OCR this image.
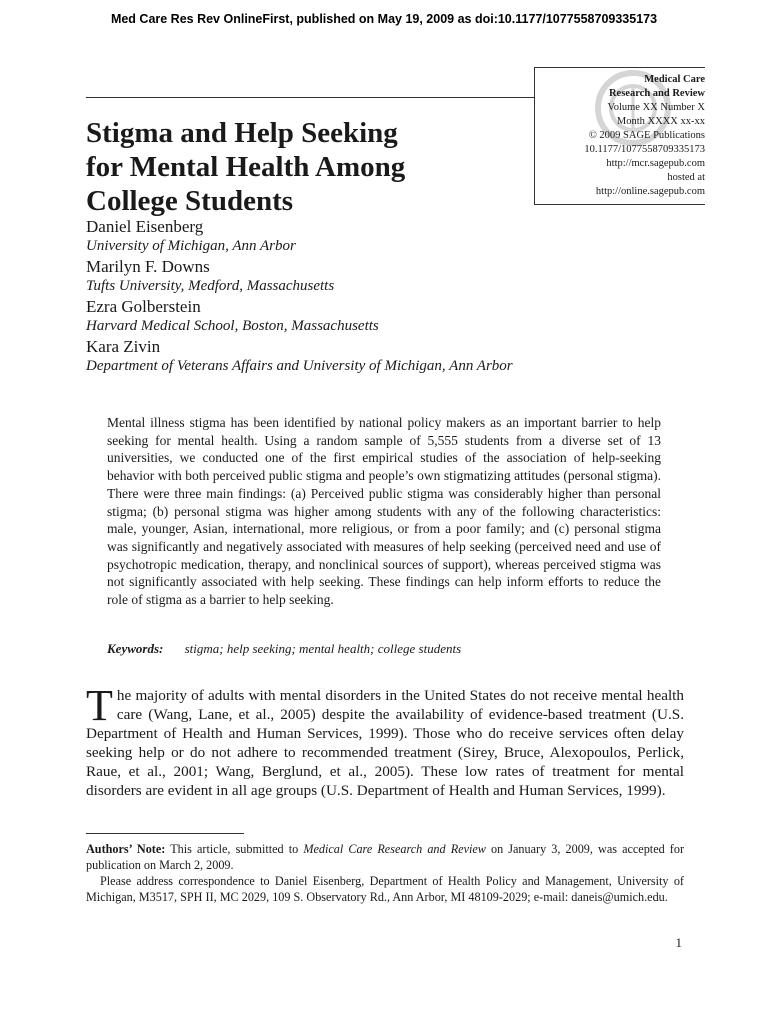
Med Care Res Rev OnlineFirst, published on May 19, 2009 as doi:10.1177/1077558709335173
Medical Care
Research and Review
Volume XX Number X
Month XXXX xx-xx
© 2009 SAGE Publications
10.1177/1077558709335173
http://mcr.sagepub.com
hosted at
http://online.sagepub.com
Stigma and Help Seeking
for Mental Health Among
College Students
Daniel Eisenberg
University of Michigan, Ann Arbor
Marilyn F. Downs
Tufts University, Medford, Massachusetts
Ezra Golberstein
Harvard Medical School, Boston, Massachusetts
Kara Zivin
Department of Veterans Affairs and University of Michigan, Ann Arbor

Mental illness stigma has been identified by national policy makers as an important barrier to help seeking for mental health. Using a random sample of 5,555 students from a diverse set of 13 universities, we conducted one of the first empirical studies of the association of help-seeking behavior with both perceived public stigma and people’s own stigmatizing attitudes (personal stigma). There were three main findings: (a) Perceived public stigma was considerably higher than personal stigma; (b) personal stigma was higher among students with any of the following characteristics: male, younger, Asian, international, more religious, or from a poor family; and (c) personal stigma was significantly and negatively associated with measures of help seeking (perceived need and use of psychotropic medication, therapy, and nonclinical sources of support), whereas perceived stigma was not significantly associated with help seeking. These findings can help inform efforts to reduce the role of stigma as a barrier to help seeking.

Keywords: stigma; help seeking; mental health; college students

The majority of adults with mental disorders in the United States do not receive mental health care (Wang, Lane, et al., 2005) despite the availability of evidence-based treatment (U.S. Department of Health and Human Services, 1999). Those who do receive services often delay seeking help or do not adhere to recommended treatment (Sirey, Bruce, Alexopoulos, Perlick, Raue, et al., 2001; Wang, Berglund, et al., 2005). These low rates of treatment for mental disorders are evident in all age groups (U.S. Department of Health and Human Services, 1999).

Authors’ Note: This article, submitted to Medical Care Research and Review on January 3, 2009, was accepted for publication on March 2, 2009.

Please address correspondence to Daniel Eisenberg, Department of Health Policy and Management, University of Michigan, M3517, SPH II, MC 2029, 109 S. Observatory Rd., Ann Arbor, MI 48109-2029; e-mail: daneis@umich.edu.

1
